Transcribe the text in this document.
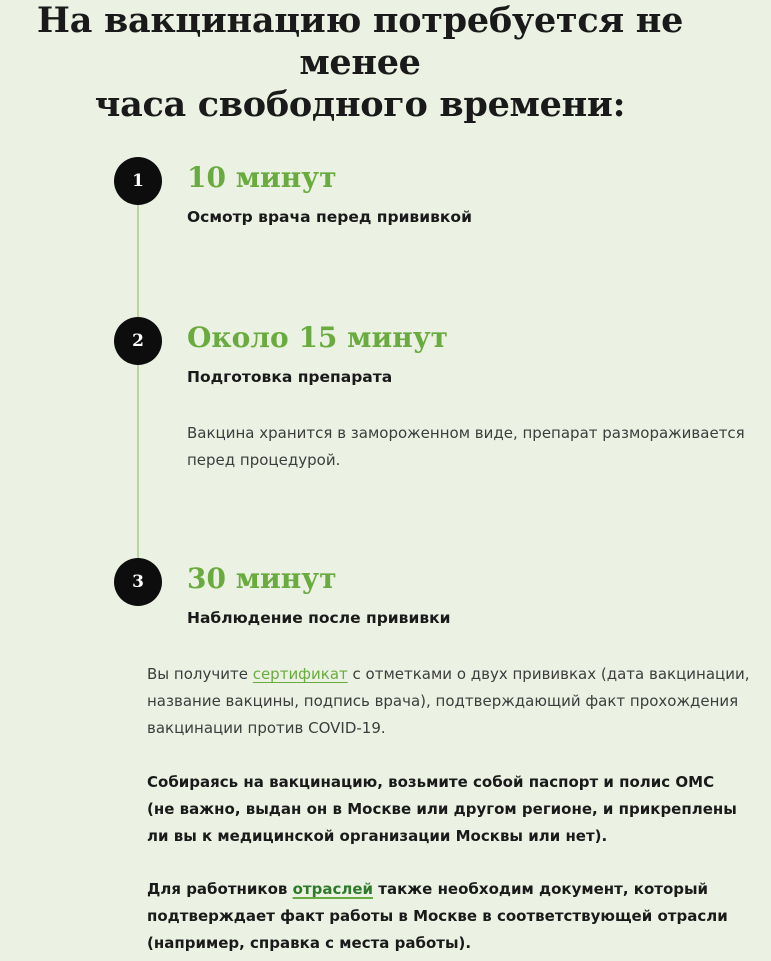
На вакцинацию потребуется не менее
часа свободного времени:
1 10 минут

Осмотр врача перед прививкой

2 Около 15 минут

Подготовка препарата

Вакцина хранится в замороженном виде, препарат размораживается перед процедурой.

3 30 минут

Наблюдение после прививки

Вы получите сертификат с отметками о двух прививках (дата вакцинации, название вакцины, подпись врача), подтверждающий факт прохождения вакцинации против COVID-19.

Собираясь на вакцинацию, возьмите собой паспорт и полис ОМС
(не важно, выдан он в Москве или другом регионе, и прикреплены ли вы к медицинской организации Москвы или нет).

Для работников отраслей также необходим документ, который подтверждает факт работы в Москве в соответствующей отрасли (например, справка с места работы).
